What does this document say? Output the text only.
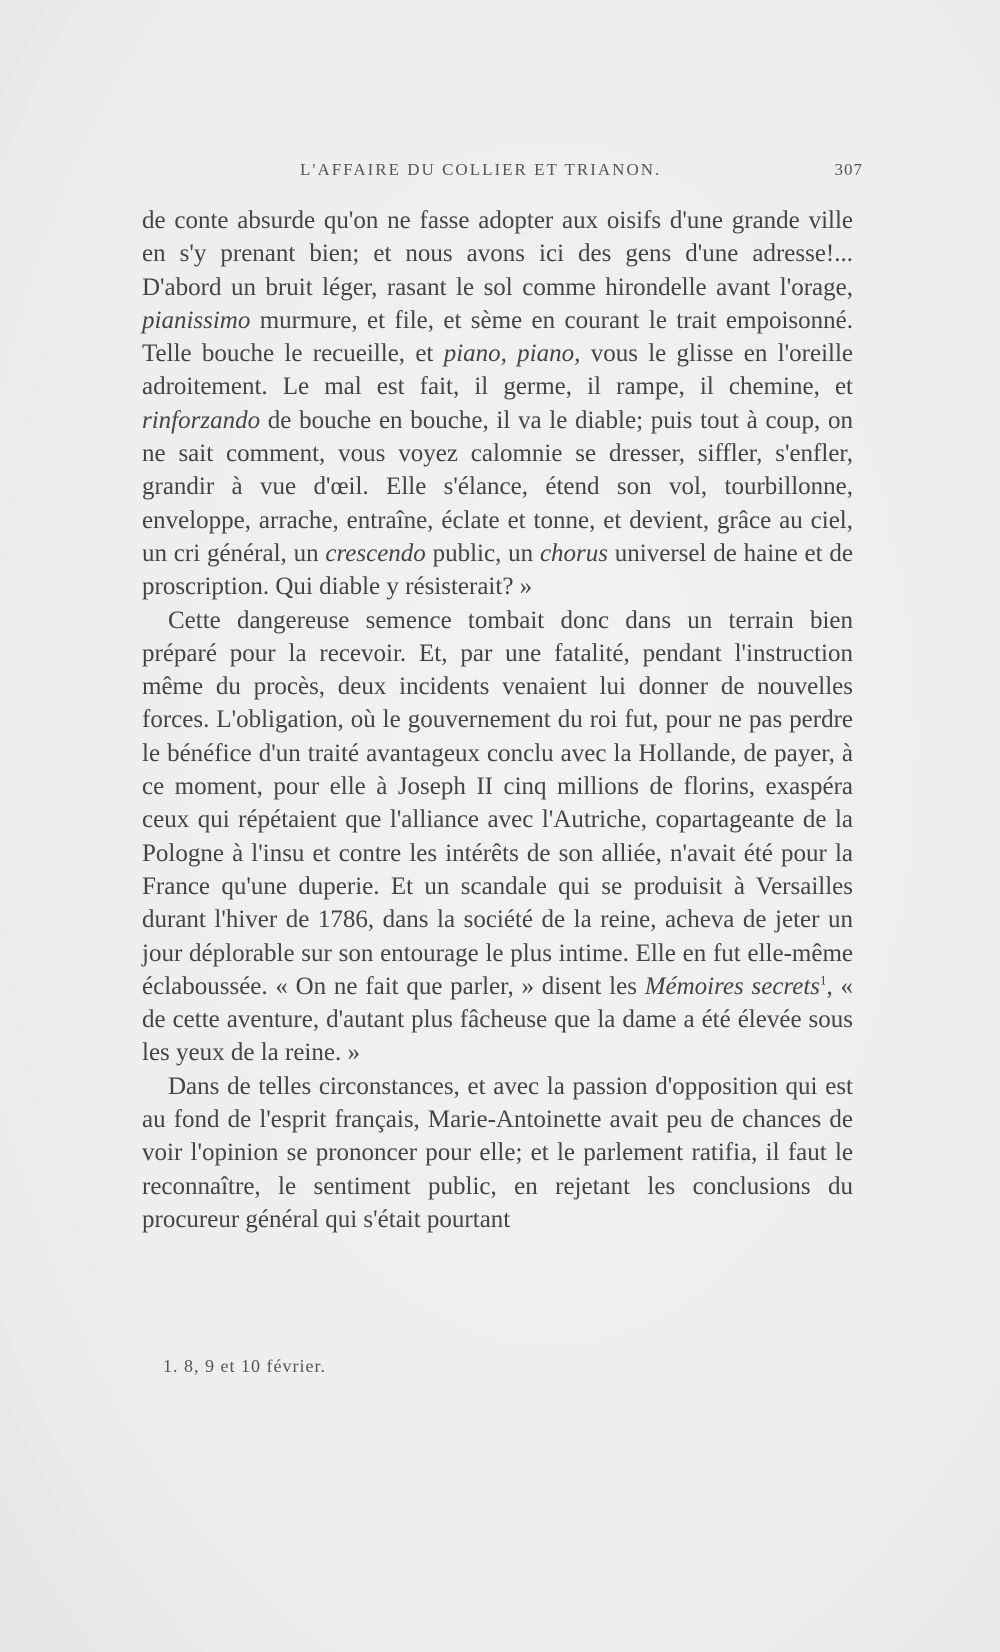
L'AFFAIRE DU COLLIER ET TRIANON.	307

de conte absurde qu'on ne fasse adopter aux oisifs d'une grande ville en s'y prenant bien; et nous avons ici des gens d'une adresse!... D'abord un bruit léger, rasant le sol comme hirondelle avant l'orage, pianissimo murmure, et file, et sème en courant le trait empoisonné. Telle bouche le recueille, et piano, piano, vous le glisse en l'oreille adroitement. Le mal est fait, il germe, il rampe, il chemine, et rinforzando de bouche en bouche, il va le diable; puis tout à coup, on ne sait comment, vous voyez calomnie se dresser, siffler, s'enfler, grandir à vue d'œil. Elle s'élance, étend son vol, tourbillonne, enveloppe, arrache, entraîne, éclate et tonne, et devient, grâce au ciel, un cri général, un crescendo public, un chorus universel de haine et de proscription. Qui diable y résisterait? »

Cette dangereuse semence tombait donc dans un terrain bien préparé pour la recevoir. Et, par une fatalité, pendant l'instruction même du procès, deux incidents venaient lui donner de nouvelles forces. L'obligation, où le gouvernement du roi fut, pour ne pas perdre le bénéfice d'un traité avantageux conclu avec la Hollande, de payer, à ce moment, pour elle à Joseph II cinq millions de florins, exaspéra ceux qui répétaient que l'alliance avec l'Autriche, copartageante de la Pologne à l'insu et contre les intérêts de son alliée, n'avait été pour la France qu'une duperie. Et un scandale qui se produisit à Versailles durant l'hiver de 1786, dans la société de la reine, acheva de jeter un jour déplorable sur son entourage le plus intime. Elle en fut elle-même éclaboussée. « On ne fait que parler, » disent les Mémoires secrets$^1$, « de cette aventure, d'autant plus fâcheuse que la dame a été élevée sous les yeux de la reine. »

Dans de telles circonstances, et avec la passion d'opposition qui est au fond de l'esprit français, Marie-Antoinette avait peu de chances de voir l'opinion se prononcer pour elle; et le parlement ratifia, il faut le reconnaître, le sentiment public, en rejetant les conclusions du procureur général qui s'était pourtant

1. 8, 9 et 10 février.
